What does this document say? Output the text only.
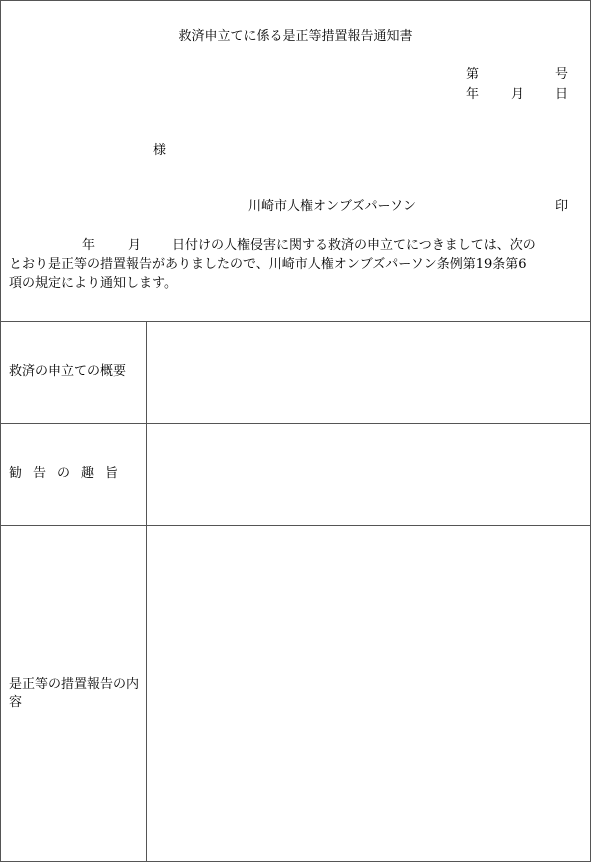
救済申立てに係る是正等措置報告通知書
第	号
年 月 日
様
川崎市人権オンブズパーソン	印
年	月 日付けの人権侵害に関する救済の申立てにつきましては、次の
とおり是正等の措置報告がありましたので、川崎市人権オンブズパーソン条例第19条第6
項の規定により通知します。
救済の申立ての概要
勧告の趣旨
是正等の措置報告の内容
